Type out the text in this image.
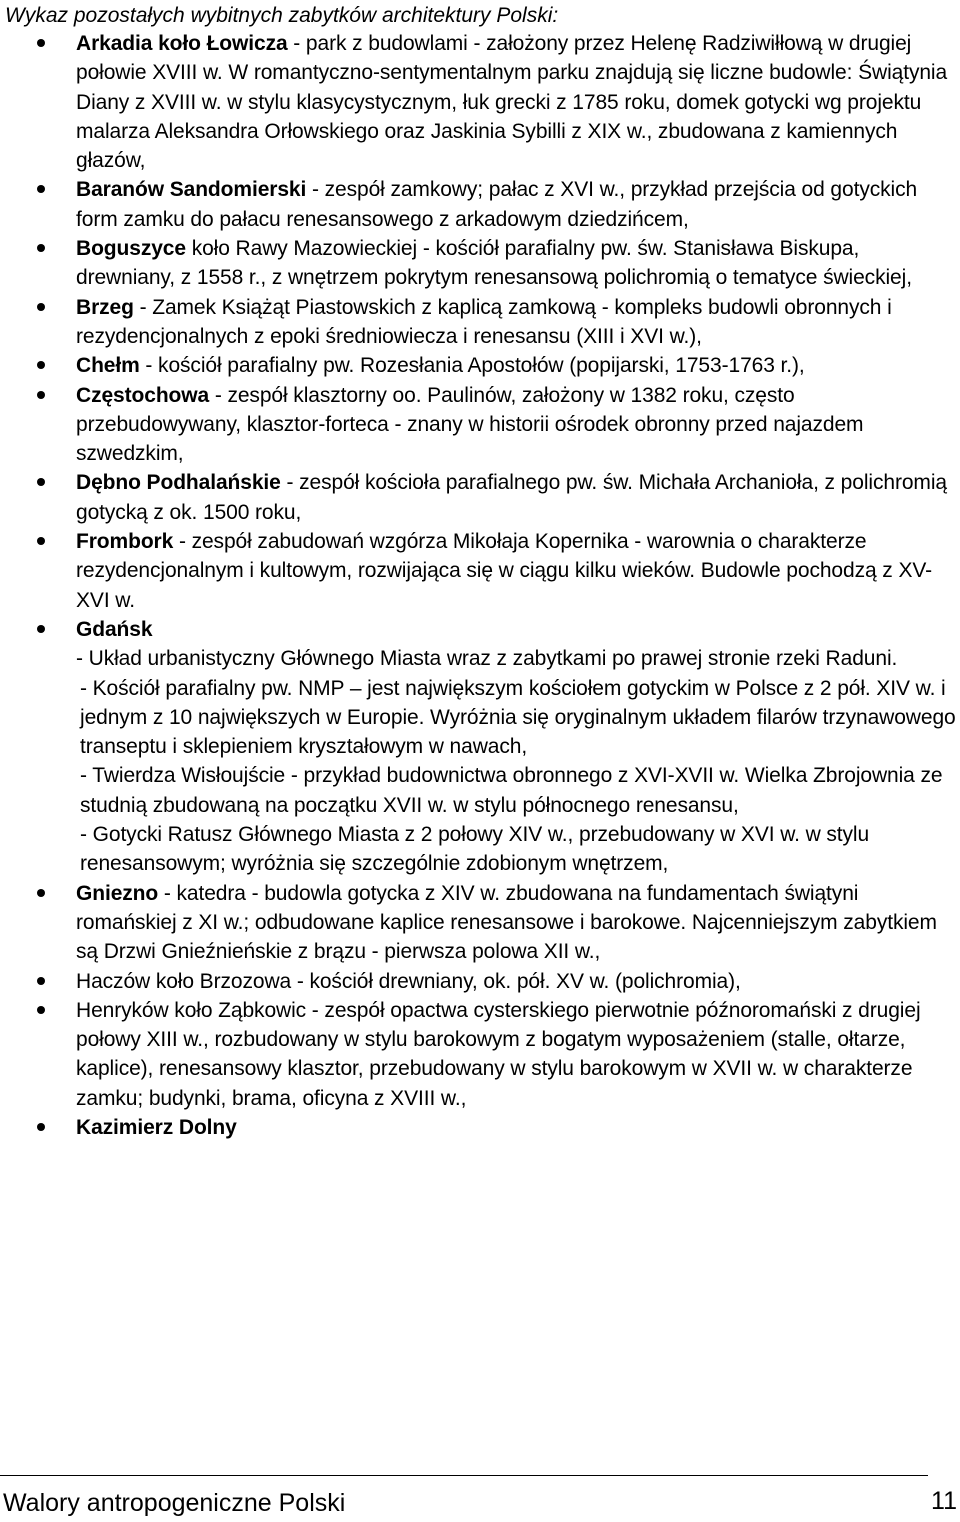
Wykaz pozostałych wybitnych zabytków architektury Polski:
Arkadia koło Łowicza - park z budowlami - założony przez Helenę Radziwiłłową w drugiej połowie XVIII w. W romantyczno-sentymentalnym parku znajdują się liczne budowle: Świątynia Diany z XVIII w. w stylu klasycystycznym, łuk grecki z 1785 roku, domek gotycki wg projektu malarza Aleksandra Orłowskiego oraz Jaskinia Sybilli z XIX w., zbudowana z kamiennych głazów,
Baranów Sandomierski - zespół zamkowy; pałac z XVI w., przykład przejścia od gotyckich form zamku do pałacu renesansowego z arkadowym dziedzińcem,
Boguszyce koło Rawy Mazowieckiej - kościół parafialny pw. św. Stanisława Biskupa, drewniany, z 1558 r., z wnętrzem pokrytym renesansową polichromią o tematyce świeckiej,
Brzeg - Zamek Książąt Piastowskich z kaplicą zamkową - kompleks budowli obronnych i rezydencjonalnych z epoki średniowiecza i renesansu (XIII i XVI w.),
Chełm - kościół parafialny pw. Rozesłania Apostołów (popijarski, 1753-1763 r.),
Częstochowa - zespół klasztorny oo. Paulinów, założony w 1382 roku, często przebudowywany, klasztor-forteca - znany w historii ośrodek obronny przed najazdem szwedzkim,
Dębno Podhalańskie - zespół kościoła parafialnego pw. św. Michała Archanioła, z polichromią gotycką z ok. 1500 roku,
Frombork - zespół zabudowań wzgórza Mikołaja Kopernika - warownia o charakterze rezydencjonalnym i kultowym, rozwijająca się w ciągu kilku wieków. Budowle pochodzą z XV-XVI w.
Gdańsk
- Układ urbanistyczny Głównego Miasta wraz z zabytkami po prawej stronie rzeki Raduni.
- Kościół parafialny pw. NMP – jest największym kościołem gotyckim w Polsce z 2 pół. XIV w. i jednym z 10 największych w Europie. Wyróżnia się oryginalnym układem filarów trzynawowego transeptu i sklepieniem kryształowym w nawach,
- Twierdza Wisłoujście - przykład budownictwa obronnego z XVI-XVII w. Wielka Zbrojownia ze studnią zbudowaną na początku XVII w. w stylu północnego renesansu,
- Gotycki Ratusz Głównego Miasta z 2 połowy XIV w., przebudowany w XVI w. w stylu renesansowym; wyróżnia się szczególnie zdobionym wnętrzem,
Gniezno - katedra - budowla gotycka z XIV w. zbudowana na fundamentach świątyni romańskiej z XI w.; odbudowane kaplice renesansowe i barokowe. Najcenniejszym zabytkiem są Drzwi Gnieźnieńskie z brązu - pierwsza polowa XII w.,
Haczów koło Brzozowa - kościół drewniany, ok. pół. XV w. (polichromia),
Henryków koło Ząbkowic - zespół opactwa cysterskiego pierwotnie późnoromański z drugiej połowy XIII w., rozbudowany w stylu barokowym z bogatym wyposażeniem (stalle, ołtarze, kaplice), renesansowy klasztor, przebudowany w stylu barokowym w XVII w. w charakterze zamku; budynki, brama, oficyna z XVIII w.,
Kazimierz Dolny
Walory antropogeniczne Polski	11
